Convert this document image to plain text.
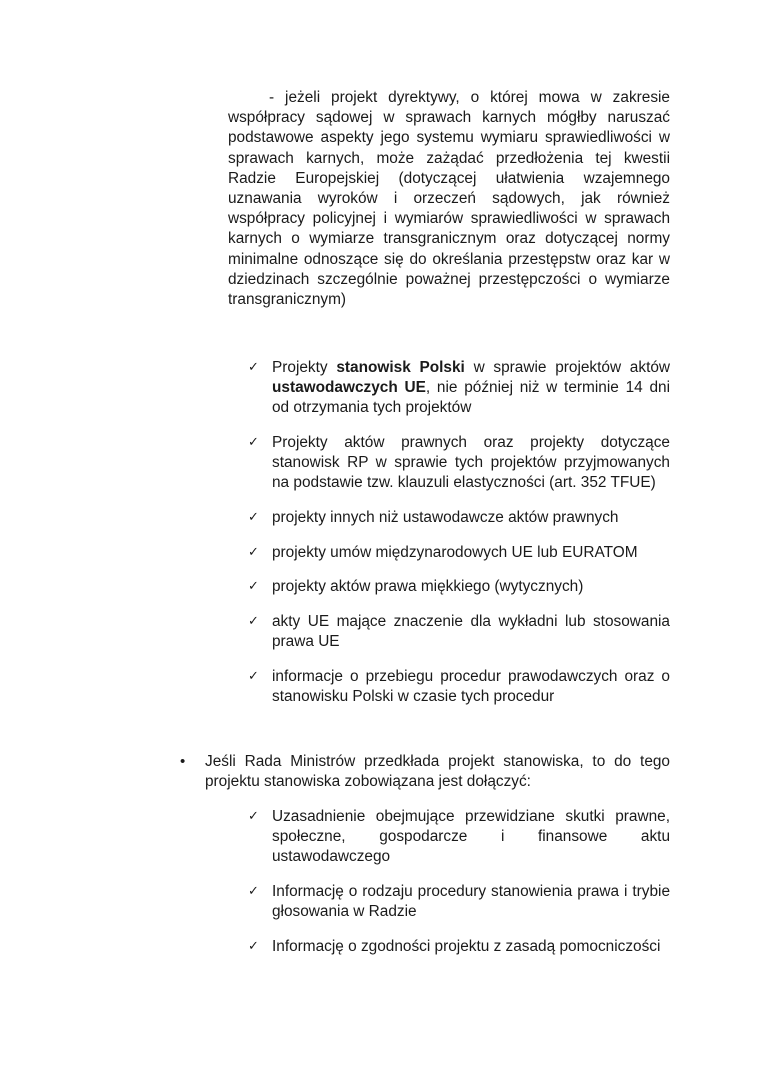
- jeżeli projekt dyrektywy, o której mowa w zakresie współpracy sądowej w sprawach karnych mógłby naruszać podstawowe aspekty jego systemu wymiaru sprawiedliwości w sprawach karnych, może zażądać przedłożenia tej kwestii Radzie Europejskiej (dotyczącej ułatwienia wzajemnego uznawania wyroków i orzeczeń sądowych, jak również współpracy policyjnej i wymiarów sprawiedliwości w sprawach karnych o wymiarze transgranicznym oraz dotyczącej normy minimalne odnoszące się do określania przestępstw oraz kar w dziedzinach szczególnie poważnej przestępczości o wymiarze transgranicznym)
✓ Projekty stanowisk Polski w sprawie projektów aktów ustawodawczych UE, nie później niż w terminie 14 dni od otrzymania tych projektów
✓ Projekty aktów prawnych oraz projekty dotyczące stanowisk RP w sprawie tych projektów przyjmowanych na podstawie tzw. klauzuli elastyczności (art. 352 TFUE)
✓ projekty innych niż ustawodawcze aktów prawnych
✓ projekty umów międzynarodowych UE lub EURATOM
✓ projekty aktów prawa miękkiego (wytycznych)
✓ akty UE mające znaczenie dla wykładni lub stosowania prawa UE
✓ informacje o przebiegu procedur prawodawczych oraz o stanowisku Polski w czasie tych procedur
• Jeśli Rada Ministrów przedkłada projekt stanowiska, to do tego projektu stanowiska zobowiązana jest dołączyć:
✓ Uzasadnienie obejmujące przewidziane skutki prawne, społeczne, gospodarcze i finansowe aktu ustawodawczego
✓ Informację o rodzaju procedury stanowienia prawa i trybie głosowania w Radzie
✓ Informację o zgodności projektu z zasadą pomocniczości
